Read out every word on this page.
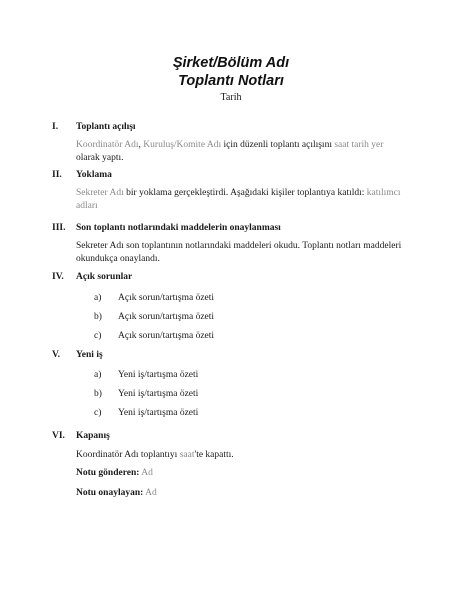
Şirket/Bölüm Adı
Toplantı Notları
Tarih
I. Toplantı açılışı
Koordinatör Adı, Kuruluş/Komite Adı için düzenli toplantı açılışını saat tarih yer
olarak yaptı.
II. Yoklama
Sekreter Adı bir yoklama gerçekleştirdi. Aşağıdaki kişiler toplantıya katıldı: katılımcı
adları
III. Son toplantı notlarındaki maddelerin onaylanması
Sekreter Adı son toplantının notlarındaki maddeleri okudu. Toplantı notları maddeleri
okundukça onaylandı.
IV. Açık sorunlar
a) Açık sorun/tartışma özeti
b) Açık sorun/tartışma özeti
c) Açık sorun/tartışma özeti
V. Yeni iş
a) Yeni iş/tartışma özeti
b) Yeni iş/tartışma özeti
c) Yeni iş/tartışma özeti
VI. Kapanış
Koordinatör Adı toplantıyı saat'te kapattı.
Notu gönderen: Ad
Notu onaylayan: Ad
